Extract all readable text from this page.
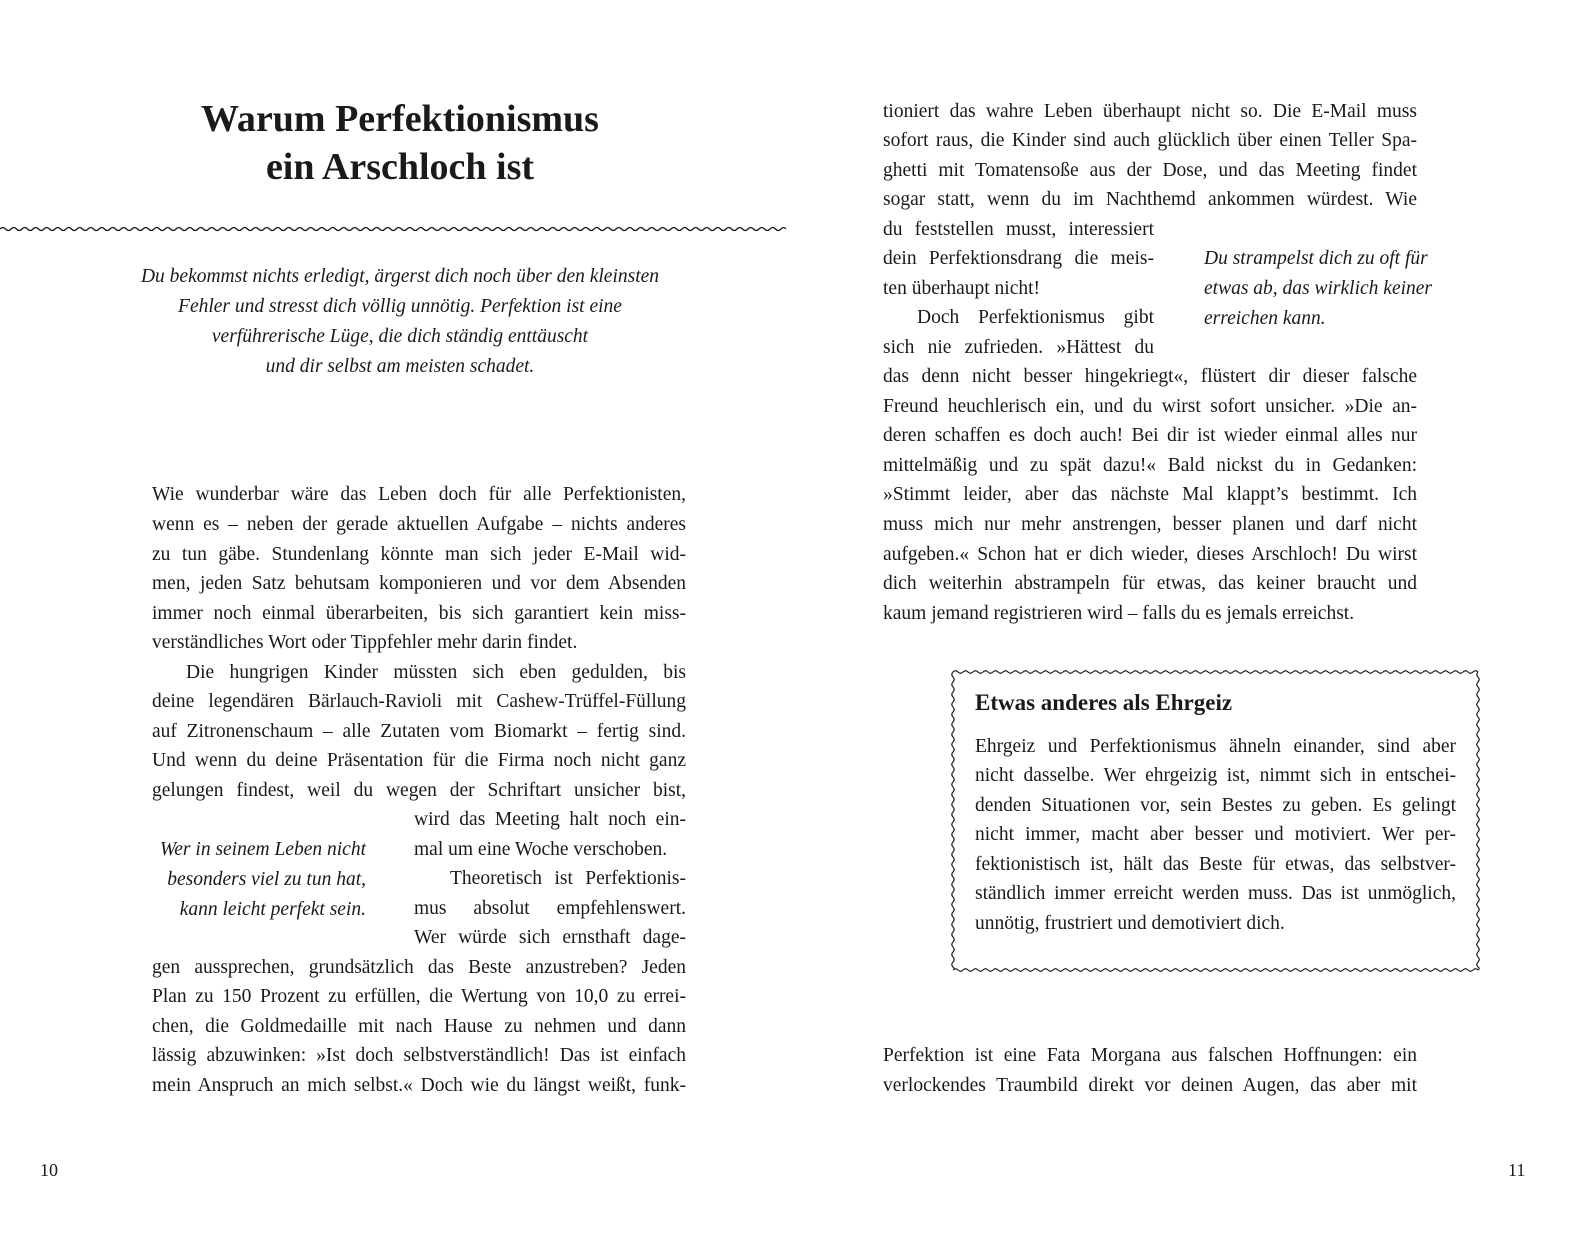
Warum Perfektionismus
ein Arschloch ist

Du bekommst nichts erledigt, ärgerst dich noch über den kleinsten
Fehler und stresst dich völlig unnötig. Perfektion ist eine
verführerische Lüge, die dich ständig enttäuscht
und dir selbst am meisten schadet.

Wie wunderbar wäre das Leben doch für alle Perfektionisten,

wenn es – neben der gerade aktuellen Aufgabe – nichts anderes

zu tun gäbe. Stundenlang könnte man sich jeder E-Mail wid-

men, jeden Satz behutsam komponieren und vor dem Absenden

immer noch einmal überarbeiten, bis sich garantiert kein miss-

verständliches Wort oder Tippfehler mehr darin findet.

Die hungrigen Kinder müssten sich eben gedulden, bis

deine legendären Bärlauch-Ravioli mit Cashew-Trüffel-Füllung

auf Zitronenschaum – alle Zutaten vom Biomarkt – fertig sind.

Und wenn du deine Präsentation für die Firma noch nicht ganz

gelungen findest, weil du wegen der Schriftart unsicher bist,

wird das Meeting halt noch ein-

mal um eine Woche verschoben.

Theoretisch ist Perfektionis-

mus absolut empfehlenswert.

Wer würde sich ernsthaft dage-

gen aussprechen, grundsätzlich das Beste anzustreben? Jeden

Plan zu 150 Prozent zu erfüllen, die Wertung von 10,0 zu errei-

chen, die Goldmedaille mit nach Hause zu nehmen und dann

lässig abzuwinken: »Ist doch selbstverständlich! Das ist einfach

mein Anspruch an mich selbst.« Doch wie du längst weißt, funk-

Wer in seinem Leben nicht
besonders viel zu tun hat,
kann leicht perfekt sein.

10

tioniert das wahre Leben überhaupt nicht so. Die E-Mail muss

sofort raus, die Kinder sind auch glücklich über einen Teller Spa-

ghetti mit Tomatensoße aus der Dose, und das Meeting findet

sogar statt, wenn du im Nachthemd ankommen würdest. Wie

du feststellen musst, interessiert

dein Perfektionsdrang die meis-

ten überhaupt nicht!

Doch Perfektionismus gibt

sich nie zufrieden. »Hättest du

das denn nicht besser hingekriegt«, flüstert dir dieser falsche

Freund heuchlerisch ein, und du wirst sofort unsicher. »Die an-

deren schaffen es doch auch! Bei dir ist wieder einmal alles nur

mittelmäßig und zu spät dazu!« Bald nickst du in Gedanken:

»Stimmt leider, aber das nächste Mal klappt’s bestimmt. Ich

muss mich nur mehr anstrengen, besser planen und darf nicht

aufgeben.« Schon hat er dich wieder, dieses Arschloch! Du wirst

dich weiterhin abstrampeln für etwas, das keiner braucht und

kaum jemand registrieren wird – falls du es jemals erreichst.

Du strampelst dich zu oft für
etwas ab, das wirklich keiner
erreichen kann.

Etwas anderes als Ehrgeiz

Ehrgeiz und Perfektionismus ähneln einander, sind aber

nicht dasselbe. Wer ehrgeizig ist, nimmt sich in entschei-

denden Situationen vor, sein Bestes zu geben. Es gelingt

nicht immer, macht aber besser und motiviert. Wer per-

fektionistisch ist, hält das Beste für etwas, das selbstver-

ständlich immer erreicht werden muss. Das ist unmöglich,

unnötig, frustriert und demotiviert dich.

Perfektion ist eine Fata Morgana aus falschen Hoffnungen: ein

verlockendes Traumbild direkt vor deinen Augen, das aber mit

11
